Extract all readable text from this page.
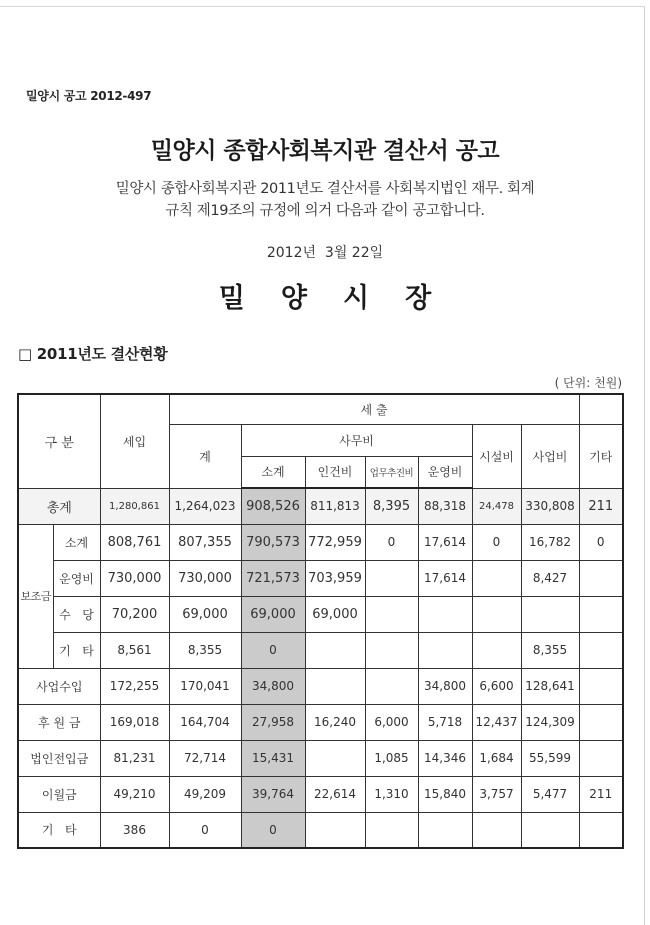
밀양시 공고 2012-497
밀양시 종합사회복지관 결산서 공고
밀양시 종합사회복지관 2011년도 결산서를 사회복지법인 재무. 회계
규칙 제19조의 규정에 의거 다음과 같이 공고합니다.
2012년  3월 22일
밀양시장
□ 2011년도 결산현황
( 단위: 천원)
구 분		세입	세 출							
			계	사무비				시설비	사업비	기타
				소계	인건비	업무추진비	운영비			
총계		1,280,861	1,264,023	908,526	811,813	8,395	88,318	24,478	330,808	211
보조금	소계	808,761	807,355	790,573	772,959	0	17,614	0	16,782	0
	운영비	730,000	730,000	721,573	703,959		17,614		8,427	
	수   당	70,200	69,000	69,000	69,000					
	기   타	8,561	8,355	0					8,355	
사업수입		172,255	170,041	34,800			34,800	6,600	128,641	
후 원 금		169,018	164,704	27,958	16,240	6,000	5,718	12,437	124,309	
법인전입금		81,231	72,714	15,431		1,085	14,346	1,684	55,599	
이월금		49,210	49,209	39,764	22,614	1,310	15,840	3,757	5,477	211
기   타		386	0	0						
